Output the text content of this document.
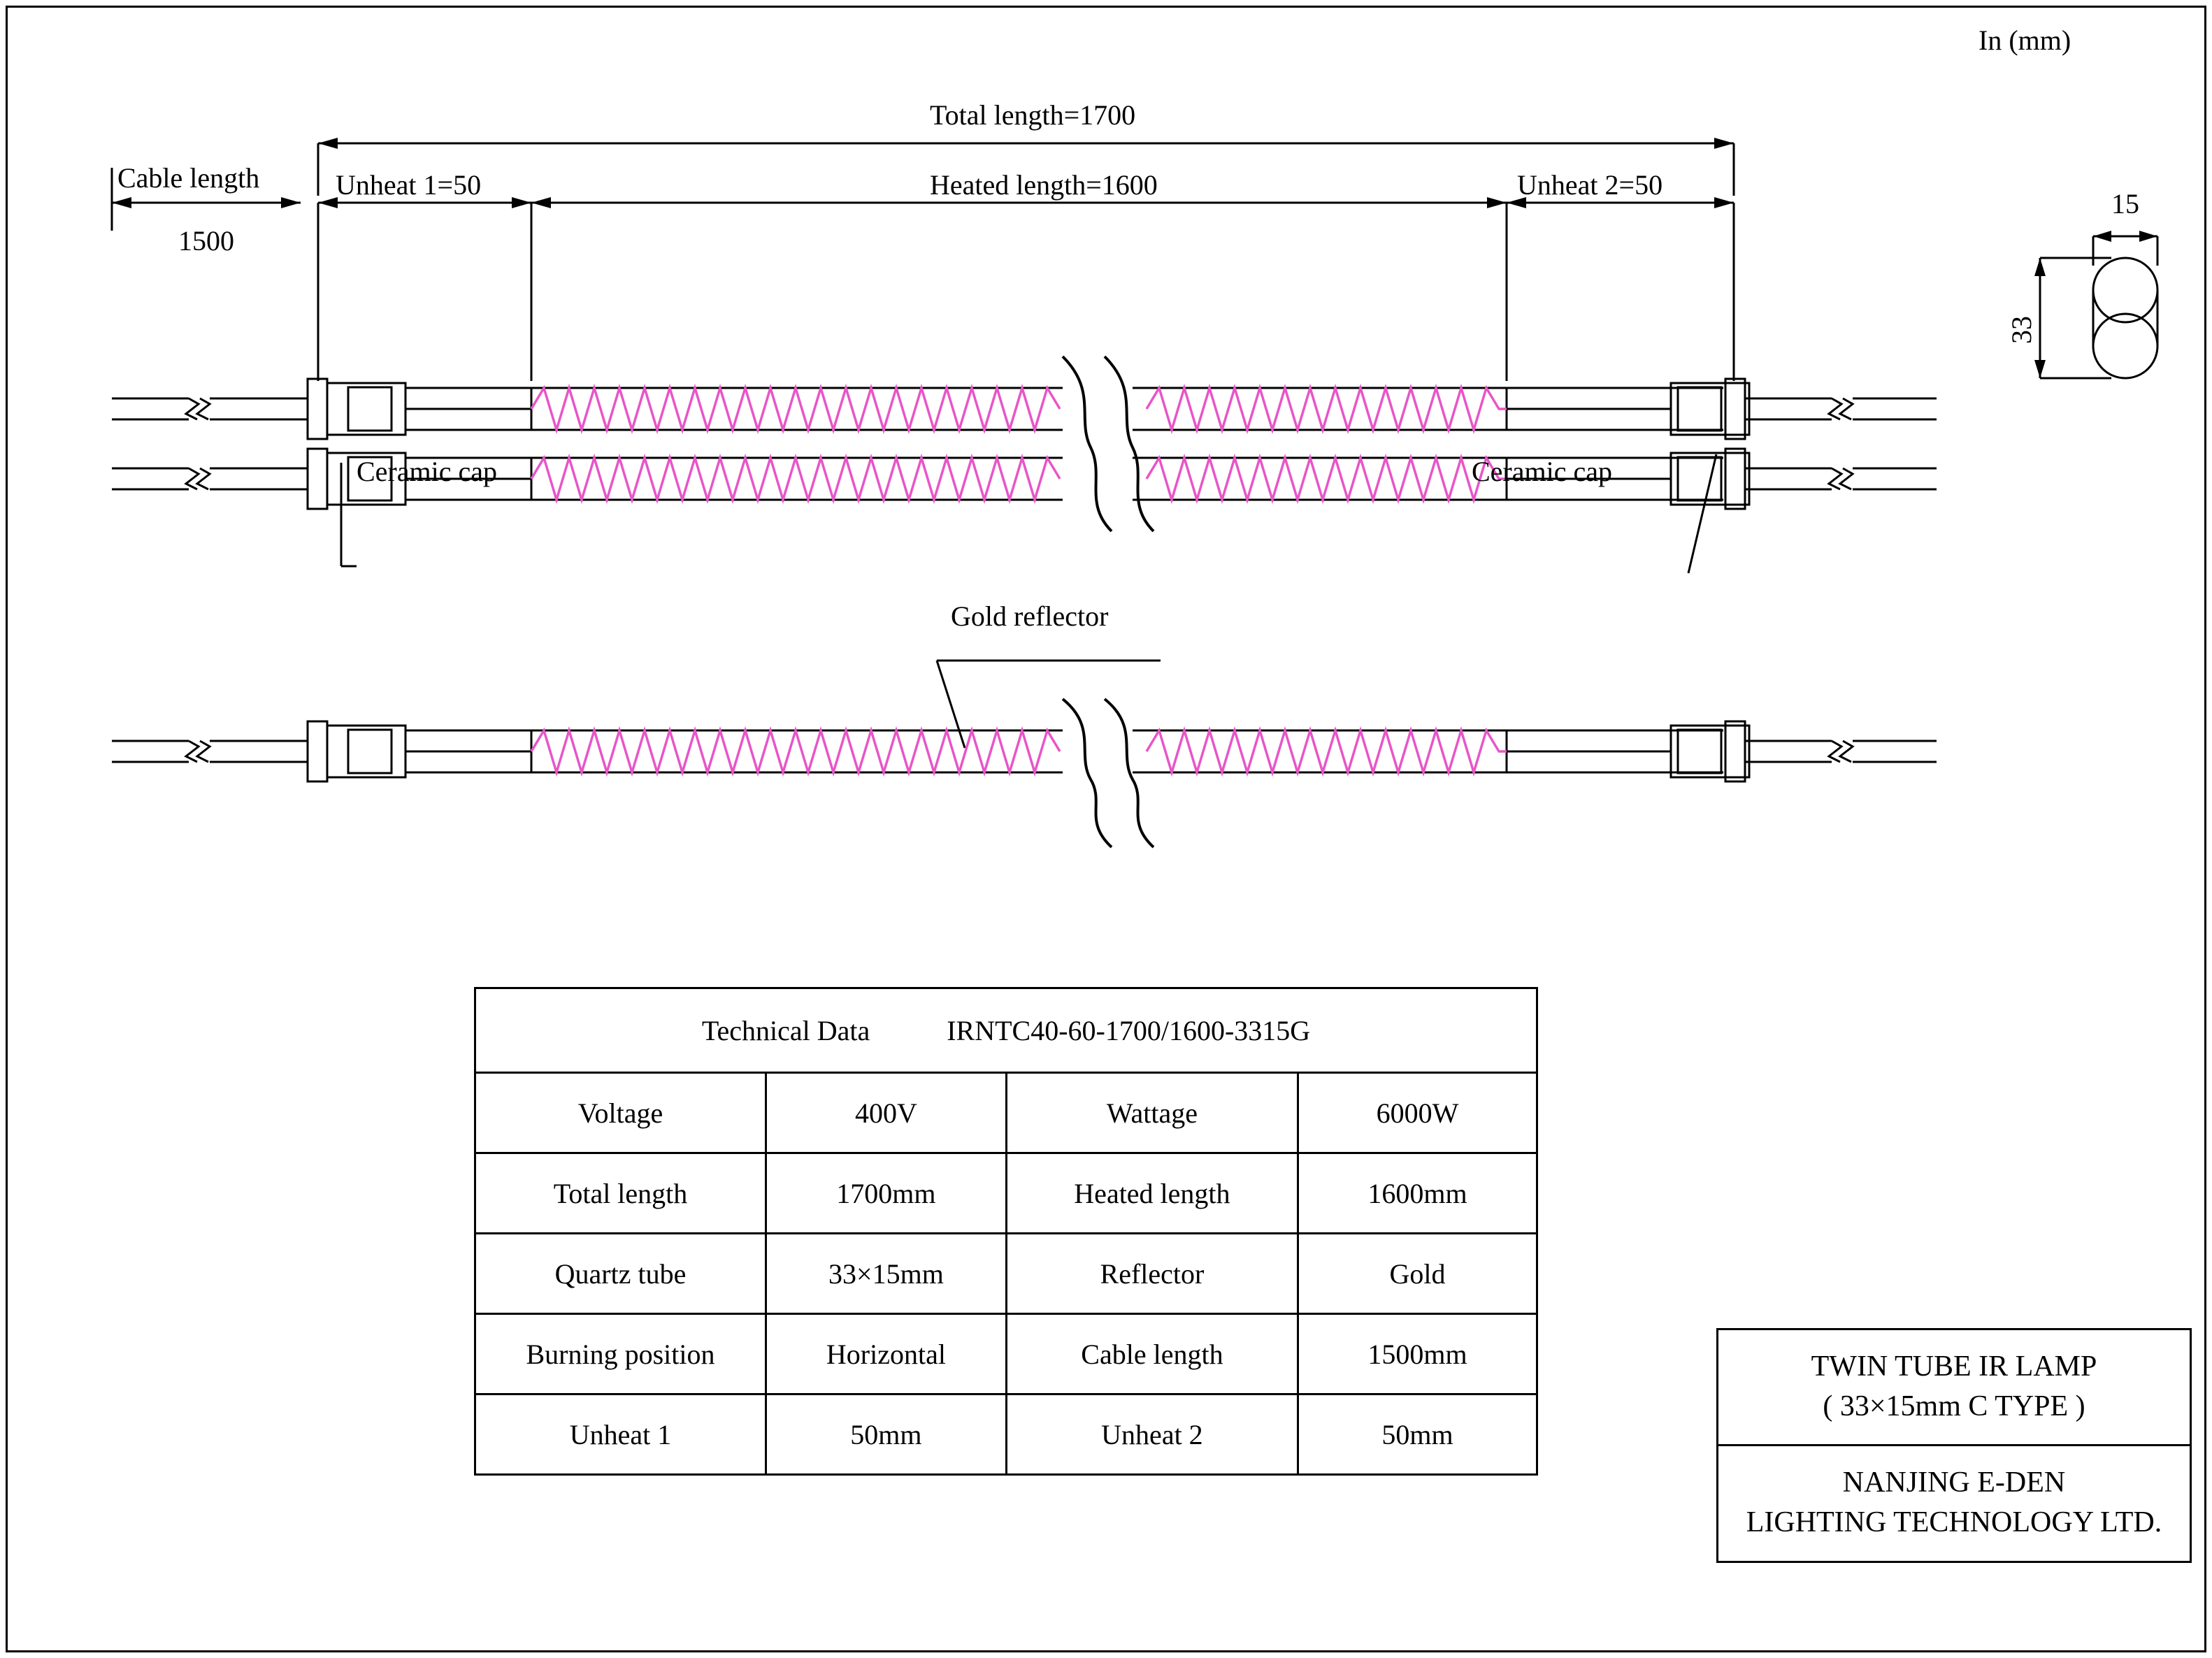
In (mm)
Total length=1700
Cable length
1500
Unheat 1=50	Heated length=1600	Unheat 2=50
Ceramic cap	Ceramic cap
15
33
Gold reflector
Technical Data IRNTC40-60-1700/1600-3315G			
Voltage	400V	Wattage	6000W
Total length	1700mm	Heated length	1600mm
Quartz tube	33×15mm	Reflector	Gold
Burning position	Horizontal	Cable length	1500mm
Unheat 1	50mm	Unheat 2	50mm
TWIN TUBE IR LAMP
( 33×15mm C TYPE )
NANJING E-DEN
LIGHTING TECHNOLOGY LTD.
